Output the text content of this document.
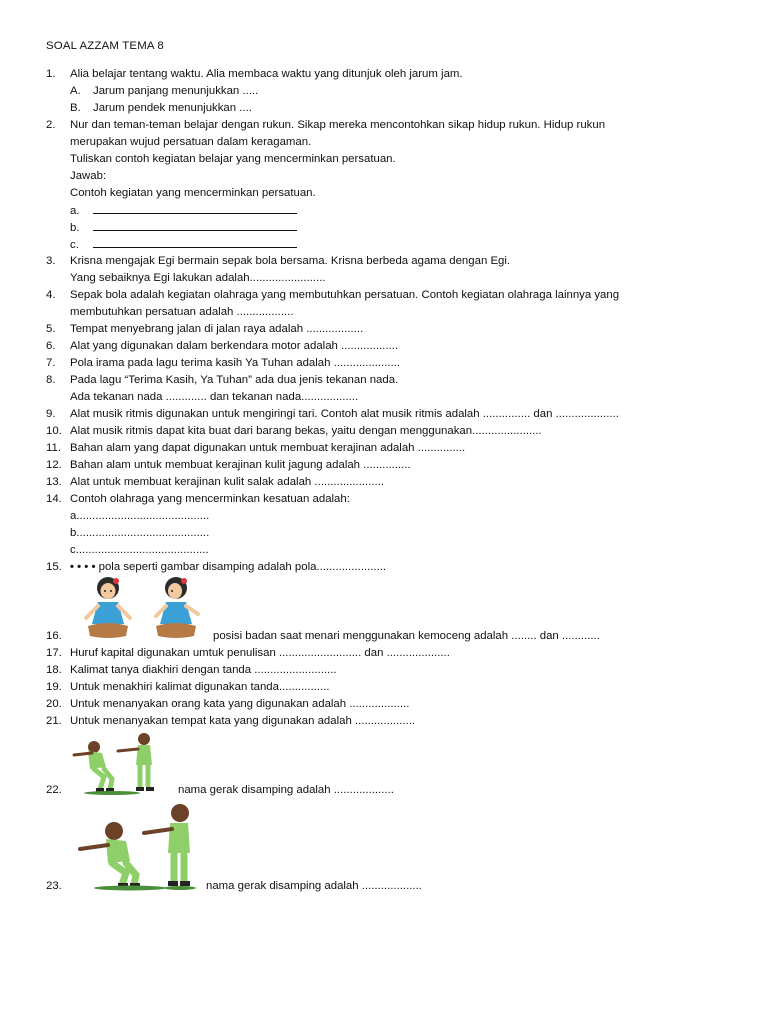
SOAL AZZAM TEMA 8
1. Alia belajar tentang waktu. Alia membaca waktu yang ditunjuk oleh jarum jam.
A. Jarum panjang menunjukkan .....
B. Jarum pendek menunjukkan ....
2. Nur dan teman-teman belajar dengan rukun. Sikap mereka mencontohkan sikap hidup rukun. Hidup rukun
merupakan wujud persatuan dalam keragaman.
Tuliskan contoh kegiatan belajar yang mencerminkan persatuan.
Jawab:
Contoh kegiatan yang mencerminkan persatuan.
a.
b.
c.
3. Krisna mengajak Egi bermain sepak bola bersama. Krisna berbeda agama dengan Egi.
Yang sebaiknya Egi lakukan adalah........................
4. Sepak bola adalah kegiatan olahraga yang membutuhkan persatuan. Contoh kegiatan olahraga lainnya yang
membutuhkan persatuan adalah ..................
5. Tempat menyebrang jalan di jalan raya adalah ..................
6. Alat yang digunakan dalam berkendara motor adalah ..................
7. Pola irama pada lagu terima kasih Ya Tuhan adalah .....................
8. Pada lagu “Terima Kasih, Ya Tuhan” ada dua jenis tekanan nada.
Ada tekanan nada ............. dan tekanan nada..................
9. Alat musik ritmis digunakan untuk mengiringi tari. Contoh alat musik ritmis adalah ............... dan ....................
10. Alat musik ritmis dapat kita buat dari barang bekas, yaitu dengan menggunakan......................
11. Bahan alam yang dapat digunakan untuk membuat kerajinan adalah ...............
12. Bahan alam untuk membuat kerajinan kulit jagung adalah ...............
13. Alat untuk membuat kerajinan kulit salak adalah ......................
14. Contoh olahraga yang mencerminkan kesatuan adalah:
a..........................................
b..........................................
c..........................................
15. • • • • pola seperti gambar disamping adalah pola......................
16.	posisi badan saat menari menggunakan kemoceng adalah ........ dan ............
17. Huruf kapital digunakan umtuk penulisan .......................... dan ....................
18. Kalimat tanya diakhiri dengan tanda ..........................
19. Untuk menakhiri kalimat digunakan tanda................
20. Untuk menanyakan orang kata yang digunakan adalah ...................
21. Untuk menanyakan tempat kata yang digunakan adalah ...................
22.	nama gerak disamping adalah ...................
23.	nama gerak disamping adalah ...................
